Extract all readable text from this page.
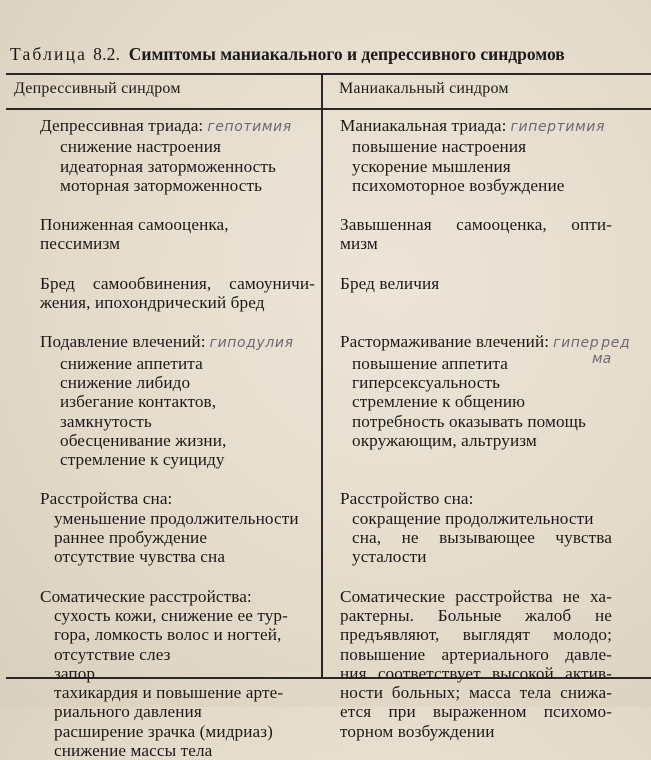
Таблица 8.2. Симптомы маниакального и депрессивного синдромов
Депрессивный синдром	Маниакальный синдром
Депрессивная триада: гепотимия
снижение настроения
идеаторная заторможенность
моторная заторможенность
Пониженная самооценка,
пессимизм
Бред самообвинения, самоуничи-
жения, ипохондрический бред
Подавление влечений: гиподулия
снижение аппетита
снижение либидо
избегание контактов,
замкнутость
обесценивание жизни,
стремление к суициду
Расстройства сна:
уменьшение продолжительности
раннее пробуждение
отсутствие чувства сна
Соматические расстройства:
сухость кожи, снижение ее тур-
гора, ломкость волос и ногтей,
отсутствие слез
запор
тахикардия и повышение арте-
риального давления
расширение зрачка (мидриаз)
снижение массы тела
Маниакальная триада: гипертимия
повышение настроения
ускорение мышления
психомоторное возбуждение
Завышенная самооценка, опти-
мизм
Бред величия
Растормаживание влечений: гипер ред
ма
повышение аппетита
гиперсексуальность
стремление к общению
потребность оказывать помощь
окружающим, альтруизм
Расстройство сна:
сокращение продолжительности
сна, не вызывающее чувства
усталости
Соматические расстройства не ха-
рактерны. Больные жалоб не
предъявляют, выглядят молодо;
повышение артериального давле-
ния соответствует высокой актив-
ности больных; масса тела снижа-
ется при выраженном психомо-
торном возбуждении
